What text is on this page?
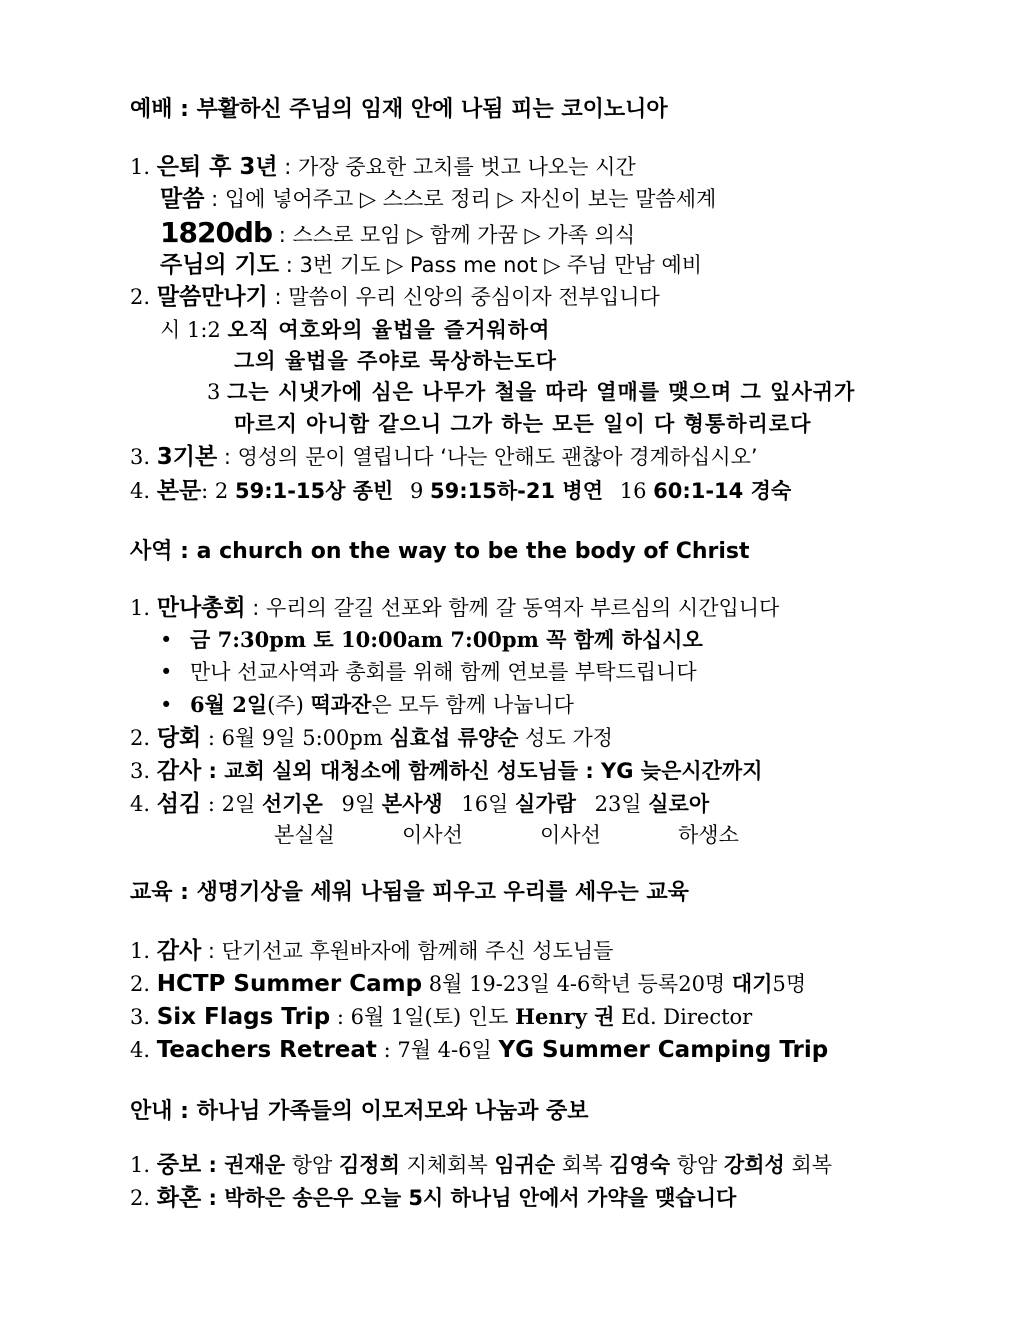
예배 : 부활하신 주님의 임재 안에 나됨 피는 코이노니아
1. 은퇴 후 3년 : 가장 중요한 고치를 벗고 나오는 시간
말씀 : 입에 넣어주고 ▷ 스스로 정리 ▷ 자신이 보는 말씀세계
1820db : 스스로 모임 ▷ 함께 가꿈 ▷ 가족 의식
주님의 기도 : 3번 기도 ▷ Pass me not ▷ 주님 만남 예비
2. 말씀만나기 : 말씀이 우리 신앙의 중심이자 전부입니다
시 1:2 오직 여호와의 율법을 즐거워하여
그의 율법을 주야로 묵상하는도다
3 그는 시냇가에 심은 나무가 철을 따라 열매를 맺으며 그 잎사귀가
마르지 아니함 같으니 그가 하는 모든 일이 다 형통하리로다
3. 3기본 : 영성의 문이 열립니다 ‘나는 안해도 괜찮아 경계하십시오’
4. 본문: 2 59:1-15상 종빈 9 59:15하-21 병연 16 60:1-14 경숙
사역 : a church on the way to be the body of Christ
1. 만나총회 : 우리의 갈길 선포와 함께 갈 동역자 부르심의 시간입니다
• 금 7:30pm 토 10:00am 7:00pm 꼭 함께 하십시오
• 만나 선교사역과 총회를 위해 함께 연보를 부탁드립니다
• 6월 2일(주) 떡과잔은 모두 함께 나눕니다
2. 당회 : 6월 9일 5:00pm 심효섭 류양순 성도 가정
3. 감사 : 교회 실외 대청소에 함께하신 성도님들 : YG 늦은시간까지
4. 섬김 : 2일 선기온 9일 본사생 16일 실가람 23일 실로아
본실실	이사선	이사선	하생소
교육 : 생명기상을 세워 나됨을 피우고 우리를 세우는 교육
1. 감사 : 단기선교 후원바자에 함께해 주신 성도님들
2. HCTP Summer Camp 8월 19-23일 4-6학년 등록20명 대기5명
3. Six Flags Trip : 6월 1일(토) 인도 Henry 권 Ed. Director
4. Teachers Retreat : 7월 4-6일 YG Summer Camping Trip
안내 : 하나님 가족들의 이모저모와 나눔과 중보
1. 중보 : 권재운 항암 김정희 지체회복 임귀순 회복 김영숙 항암 강희성 회복
2. 화혼 : 박하은 송은우 오늘 5시 하나님 안에서 가약을 맺습니다
